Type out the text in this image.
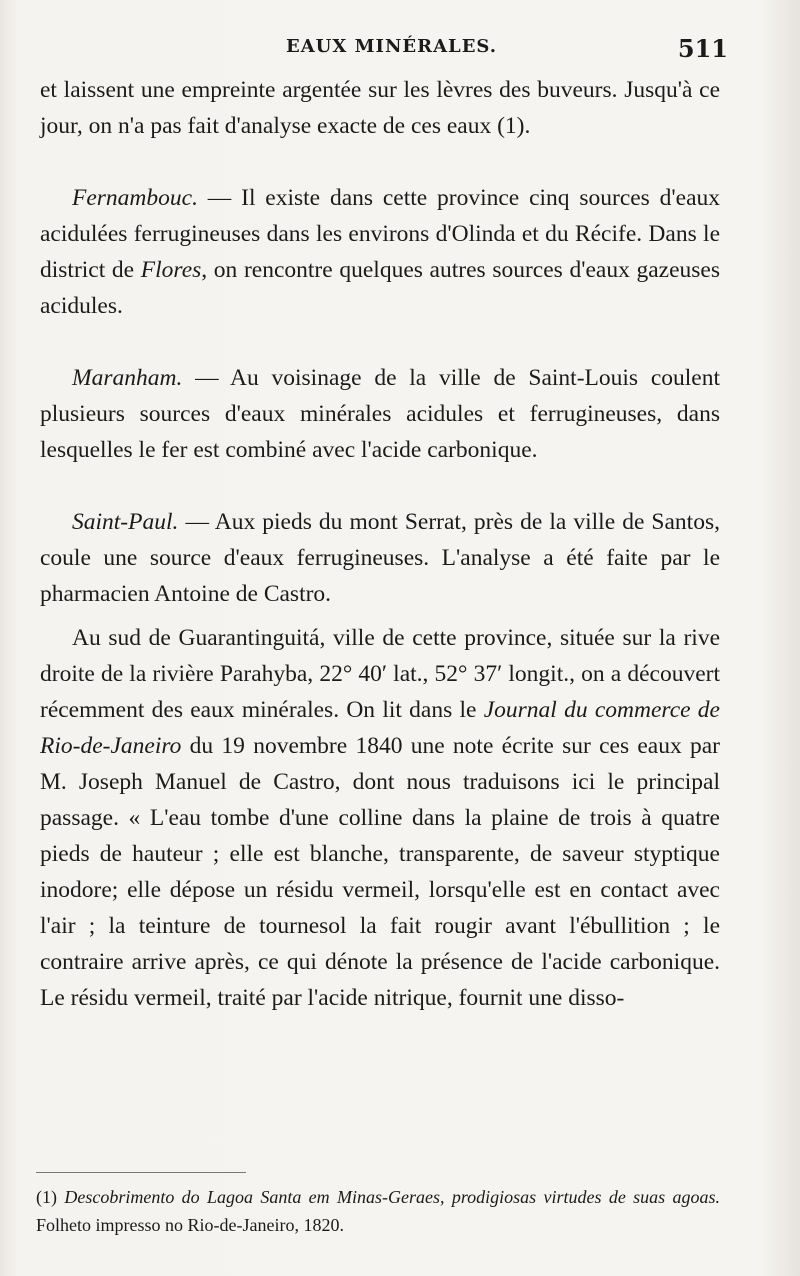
EAUX MINÉRALES.	511

et laissent une empreinte argentée sur les lèvres des buveurs. Jusqu'à ce jour, on n'a pas fait d'analyse exacte de ces eaux (1).

Fernambouc. — Il existe dans cette province cinq sources d'eaux acidulées ferrugineuses dans les environs d'Olinda et du Récife. Dans le district de Flores, on rencontre quelques autres sources d'eaux gazeuses acidules.

Maranham. — Au voisinage de la ville de Saint-Louis coulent plusieurs sources d'eaux minérales acidules et ferrugineuses, dans lesquelles le fer est combiné avec l'acide carbonique.

Saint-Paul. — Aux pieds du mont Serrat, près de la ville de Santos, coule une source d'eaux ferrugineuses. L'analyse a été faite par le pharmacien Antoine de Castro.

Au sud de Guarantinguitá, ville de cette province, située sur la rive droite de la rivière Parahyba, 22° 40′ lat., 52° 37′ longit., on a découvert récemment des eaux minérales. On lit dans le Journal du commerce de Rio-de-Janeiro du 19 novembre 1840 une note écrite sur ces eaux par M. Joseph Manuel de Castro, dont nous traduisons ici le principal passage. « L'eau tombe d'une colline dans la plaine de trois à quatre pieds de hauteur ; elle est blanche, transparente, de saveur styptique inodore; elle dépose un résidu vermeil, lorsqu'elle est en contact avec l'air ; la teinture de tournesol la fait rougir avant l'ébullition ; le contraire arrive après, ce qui dénote la présence de l'acide carbonique. Le résidu vermeil, traité par l'acide nitrique, fournit une disso-

(1) Descobrimento do Lagoa Santa em Minas-Geraes, prodigiosas virtudes de suas agoas. Folheto impresso no Rio-de-Janeiro, 1820.
